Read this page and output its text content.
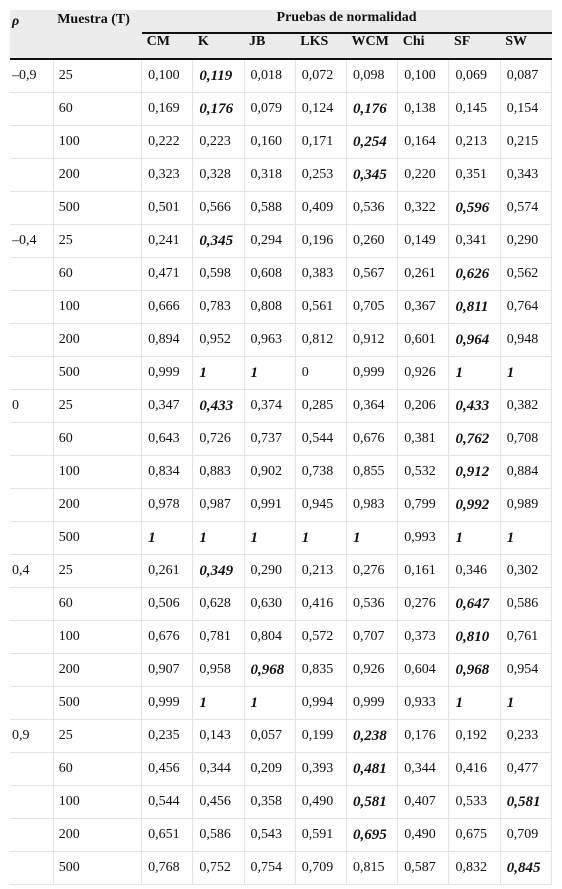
ρ	Muestra (T)	Pruebas de normalidad							
		CM	K	JB	LKS	WCM	Chi	SF	SW
–0,9	25	0,100	0,119	0,018	0,072	0,098	0,100	0,069	0,087
	60	0,169	0,176	0,079	0,124	0,176	0,138	0,145	0,154
	100	0,222	0,223	0,160	0,171	0,254	0,164	0,213	0,215
	200	0,323	0,328	0,318	0,253	0,345	0,220	0,351	0,343
	500	0,501	0,566	0,588	0,409	0,536	0,322	0,596	0,574
–0,4	25	0,241	0,345	0,294	0,196	0,260	0,149	0,341	0,290
	60	0,471	0,598	0,608	0,383	0,567	0,261	0,626	0,562
	100	0,666	0,783	0,808	0,561	0,705	0,367	0,811	0,764
	200	0,894	0,952	0,963	0,812	0,912	0,601	0,964	0,948
	500	0,999	1	1	0	0,999	0,926	1	1
0	25	0,347	0,433	0,374	0,285	0,364	0,206	0,433	0,382
	60	0,643	0,726	0,737	0,544	0,676	0,381	0,762	0,708
	100	0,834	0,883	0,902	0,738	0,855	0,532	0,912	0,884
	200	0,978	0,987	0,991	0,945	0,983	0,799	0,992	0,989
	500	1	1	1	1	1	0,993	1	1
0,4	25	0,261	0,349	0,290	0,213	0,276	0,161	0,346	0,302
	60	0,506	0,628	0,630	0,416	0,536	0,276	0,647	0,586
	100	0,676	0,781	0,804	0,572	0,707	0,373	0,810	0,761
	200	0,907	0,958	0,968	0,835	0,926	0,604	0,968	0,954
	500	0,999	1	1	0,994	0,999	0,933	1	1
0,9	25	0,235	0,143	0,057	0,199	0,238	0,176	0,192	0,233
	60	0,456	0,344	0,209	0,393	0,481	0,344	0,416	0,477
	100	0,544	0,456	0,358	0,490	0,581	0,407	0,533	0,581
	200	0,651	0,586	0,543	0,591	0,695	0,490	0,675	0,709
	500	0,768	0,752	0,754	0,709	0,815	0,587	0,832	0,845
